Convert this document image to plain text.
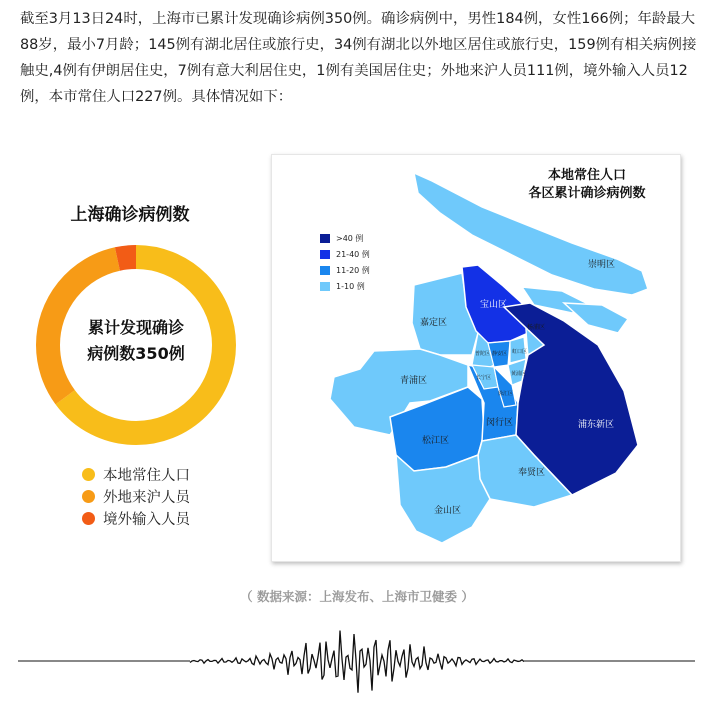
截至3月13日24时，上海市已累计发现确诊病例350例。确诊病例中，男性184例，女性166例；年龄最大88岁，最小7月龄；145例有湖北居住或旅行史，34例有湖北以外地区居住或旅行史，159例有相关病例接触史,4例有伊朗居住史，7例有意大利居住史，1例有美国居住史；外地来沪人员111例，境外输入人员12例，本市常住人口227例。具体情况如下：

上海确诊病例数
累计发现确诊
病例数350例
本地常住人口
外地来沪人员
境外输入人员
崇明区
宝山区
嘉定区	杨浦区
青浦区
闵行区
松江区
浦东新区
奉贤区
金山区
虹口区
静安区
普陀区
长宁区
徐汇区
黄浦区
本地常住人口
各区累计确诊病例数
>40 例
21-40 例
11-20 例
1-10 例
（ 数据来源：上海发布、上海市卫健委 ）
